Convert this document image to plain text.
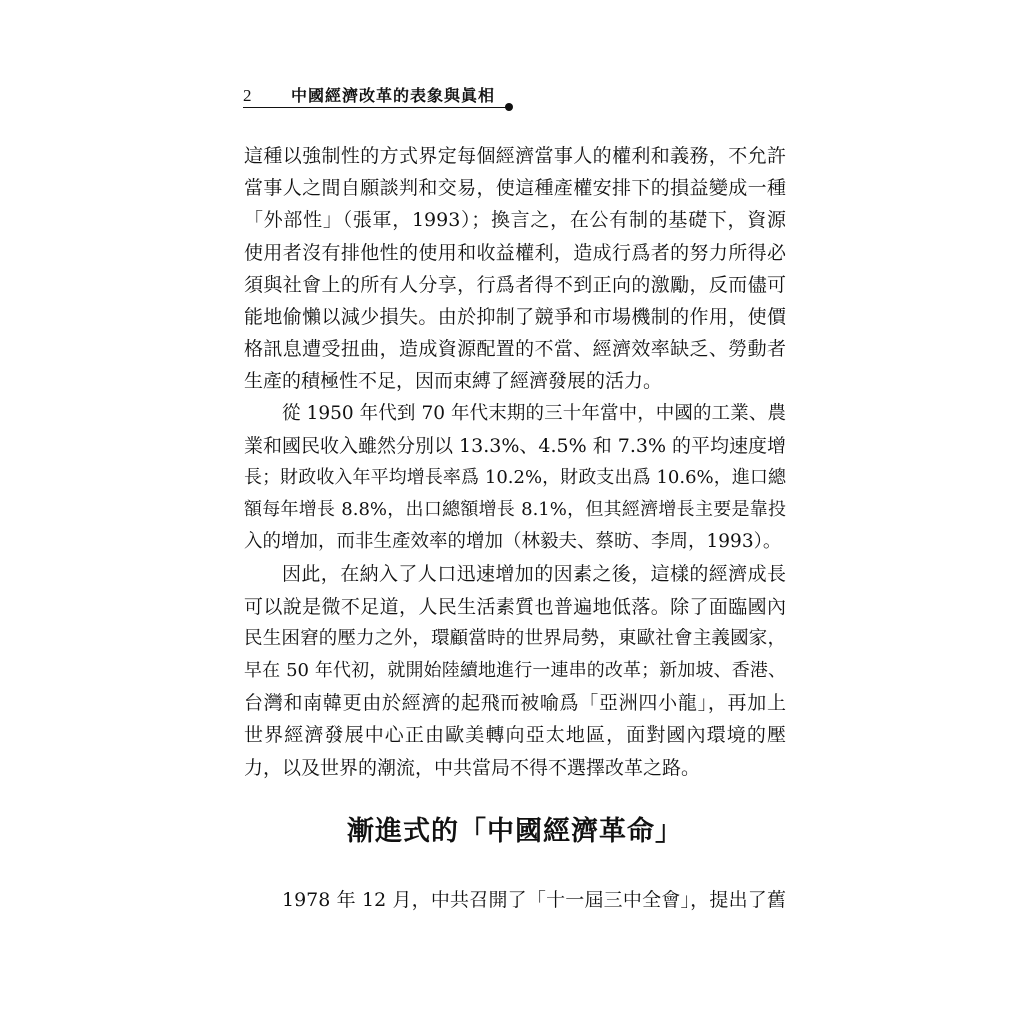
2 中國經濟改革的表象與眞相
這種以強制性的方式界定每個經濟當事人的權利和義務，不允許
當事人之間自願談判和交易，使這種產權安排下的損益變成一種
「外部性」（張軍，1993）；換言之，在公有制的基礎下，資源
使用者沒有排他性的使用和收益權利，造成行爲者的努力所得必
須與社會上的所有人分享，行爲者得不到正向的激勵，反而儘可
能地偷懶以減少損失。由於抑制了競爭和市場機制的作用，使價
格訊息遭受扭曲，造成資源配置的不當、經濟效率缺乏、勞動者
生產的積極性不足，因而束縛了經濟發展的活力。
從 1950 年代到 70 年代末期的三十年當中，中國的工業、農
業和國民收入雖然分別以 13.3%、4.5% 和 7.3% 的平均速度增
長；財政收入年平均增長率爲 10.2%，財政支出爲 10.6%，進口總
額每年增長 8.8%，出口總額增長 8.1%，但其經濟增長主要是靠投
入的增加，而非生產效率的增加（林毅夫、蔡昉、李周，1993）。
因此，在納入了人口迅速增加的因素之後，這樣的經濟成長
可以說是微不足道，人民生活素質也普遍地低落。除了面臨國內
民生困窘的壓力之外，環顧當時的世界局勢，東歐社會主義國家，
早在 50 年代初，就開始陸續地進行一連串的改革；新加坡、香港、
台灣和南韓更由於經濟的起飛而被喻爲「亞洲四小龍」，再加上
世界經濟發展中心正由歐美轉向亞太地區，面對國內環境的壓
力，以及世界的潮流，中共當局不得不選擇改革之路。
漸進式的「中國經濟革命」
1978 年 12 月，中共召開了「十一屆三中全會」，提出了舊
